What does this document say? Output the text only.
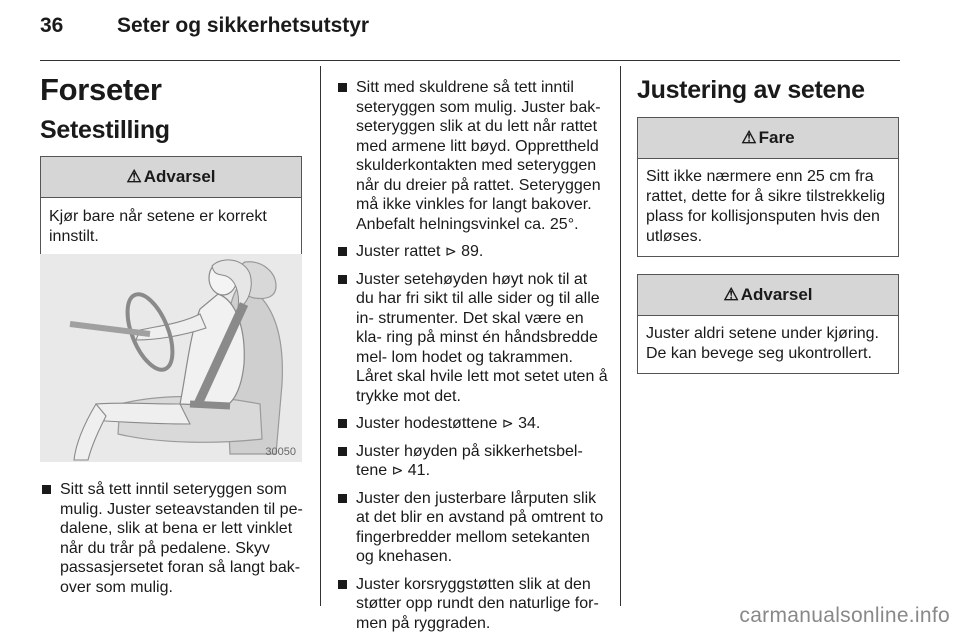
36	Seter og sikkerhetsutstyr
Forseter
Setestilling
⚠ Advarsel
Kjør bare når setene er korrekt innstilt.
30050
Sitt så tett inntil seteryggen som mulig. Juster seteavstanden til pe- dalene, slik at bena er lett vinklet når du trår på pedalene. Skyv passasjersetet foran så langt bak- over som mulig.
Sitt med skuldrene så tett inntil seteryggen som mulig. Juster bak- seteryggen slik at du lett når rattet med armene litt bøyd. Opprettheld skulderkontakten med seteryggen når du dreier på rattet. Seteryggen må ikke vinkles for langt bakover. Anbefalt helningsvinkel ca. 25°.
Juster rattet ⊳ 89.
Juster setehøyden høyt nok til at du har fri sikt til alle sider og til alle in- strumenter. Det skal være en kla- ring på minst én håndsbredde mel- lom hodet og takrammen. Låret skal hvile lett mot setet uten å trykke mot det.
Juster hodestøttene ⊳ 34.
Juster høyden på sikkerhetsbel- tene ⊳ 41.
Juster den justerbare lårputen slik at det blir en avstand på omtrent to fingerbredder mellom setekanten og knehasen.
Juster korsryggstøtten slik at den støtter opp rundt den naturlige for- men på ryggraden.
Justering av setene
⚠ Fare
Sitt ikke nærmere enn 25 cm fra rattet, dette for å sikre tilstrekkelig plass for kollisjonsputen hvis den utløses.
⚠ Advarsel
Juster aldri setene under kjøring. De kan bevege seg ukontrollert.
carmanualsonline.info
